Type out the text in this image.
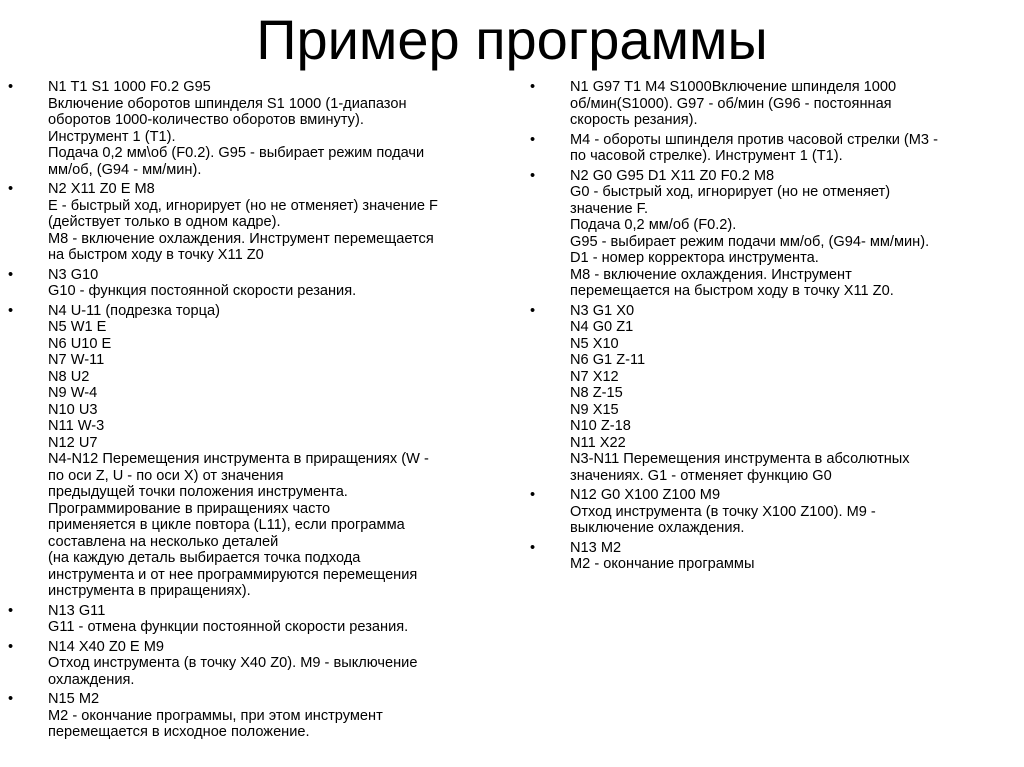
Пример программы
•	N1 T1 S1 1000 F0.2 G95
Включение оборотов шпинделя S1 1000 (1-диапазон
оборотов 1000-количество оборотов вминуту).
Инструмент 1 (T1).
Подача 0,2 мм\об (F0.2). G95 - выбирает режим подачи
мм/об, (G94 - мм/мин).
•	N2 X11 Z0 E M8
E - быстрый ход, игнорирует (но не отменяет) значение F
(действует только в одном кадре).
M8 - включение охлаждения. Инструмент перемещается
на быстром ходу в точку X11 Z0
•	N3 G10
G10 - функция постоянной скорости резания.
•	N4 U-11 (подрезка торца)
N5 W1 E
N6 U10 E
N7 W-11
N8 U2
N9 W-4
N10 U3
N11 W-3
N12 U7
N4-N12 Перемещения инструмента в приращениях (W -
по оси Z, U - по оси X) от значения
предыдущей точки положения инструмента.
Программирование в приращениях часто
применяется в цикле повтора (L11), если программа
составлена на несколько деталей
(на каждую деталь выбирается точка подхода
инструмента и от нее программируются перемещения
инструмента в приращениях).
•	N13 G11
G11 - отмена функции постоянной скорости резания.
•	N14 X40 Z0 E M9
Отход инструмента (в точку X40 Z0). M9 - выключение
охлаждения.
•	N15 M2
M2 - окончание программы, при этом инструмент
перемещается в исходное положение.
•	N1 G97 T1 M4 S1000Включение шпинделя 1000
об/мин(S1000). G97 - об/мин (G96 - постоянная
скорость резания).
•	M4 - обороты шпинделя против часовой стрелки (M3 -
по часовой стрелке). Инструмент 1 (T1).
•	N2 G0 G95 D1 X11 Z0 F0.2 M8
G0 - быстрый ход, игнорирует (но не отменяет)
значение F.
Подача 0,2 мм/об (F0.2).
G95 - выбирает режим подачи мм/об, (G94- мм/мин).
D1 - номер корректора инструмента.
M8 - включение охлаждения. Инструмент
перемещается на быстром ходу в точку X11 Z0.
•	N3 G1 X0
N4 G0 Z1
N5 X10
N6 G1 Z-11
N7 X12
N8 Z-15
N9 X15
N10 Z-18
N11 X22
N3-N11 Перемещения инструмента в абсолютных
значениях. G1 - отменяет функцию G0
•	N12 G0 X100 Z100 M9
Отход инструмента (в точку X100 Z100). M9 -
выключение охлаждения.
•	N13 M2
M2 - окончание программы
